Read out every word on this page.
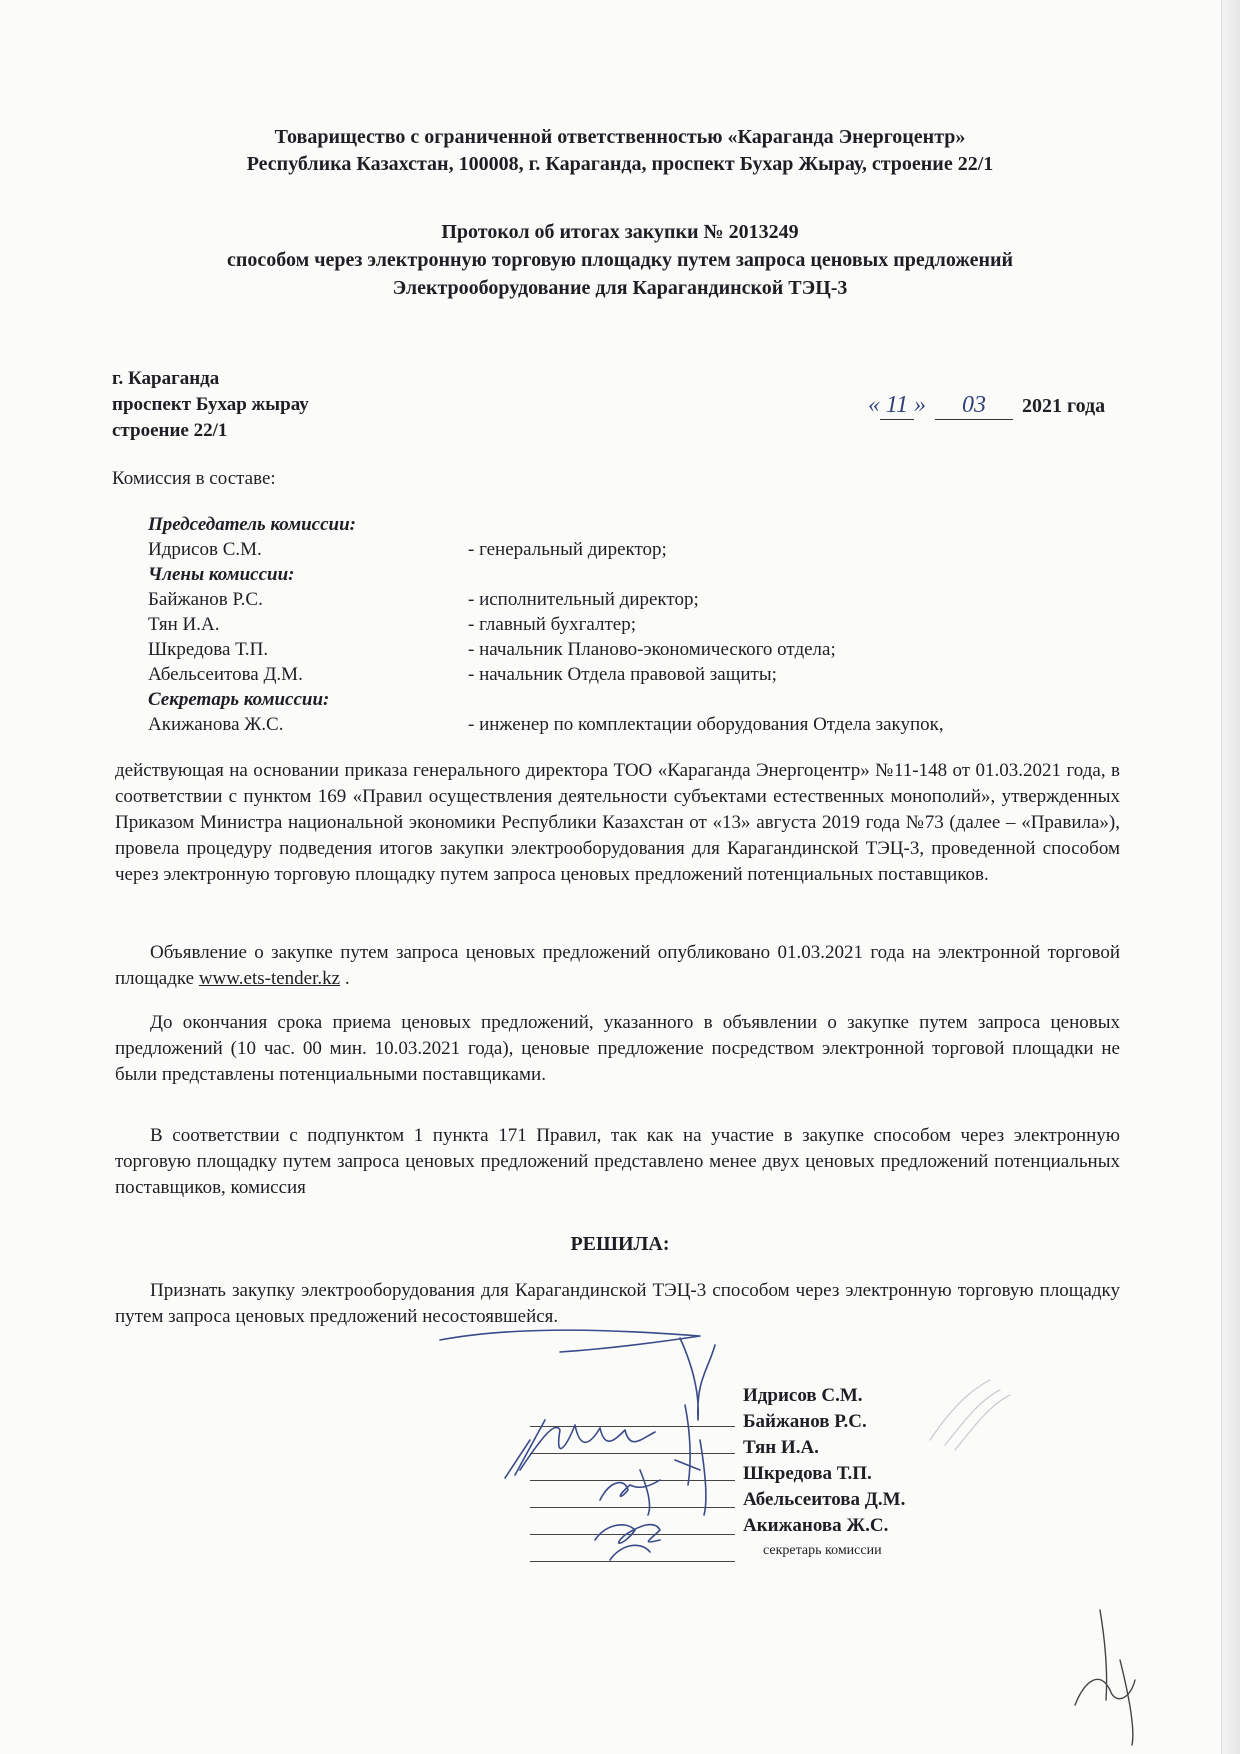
Товарищество с ограниченной ответственностью «Караганда Энергоцентр»
Республика Казахстан, 100008, г. Караганда, проспект Бухар Жырау, строение 22/1
Протокол об итогах закупки № 2013249
способом через электронную торговую площадку путем запроса ценовых предложений
Электрооборудование для Карагандинской ТЭЦ-3
г. Караганда
проспект Бухар жырау
строение 22/1
« 11 » 03 2021 года
Комиссия в составе:
Председатель комиссии:
Идрисов С.М.	- генеральный директор;
Члены комиссии:
Байжанов Р.С.	- исполнительный директор;
Тян И.А.	- главный бухгалтер;
Шкредова Т.П.	- начальник Планово-экономического отдела;
Абельсеитова Д.М.	- начальник Отдела правовой защиты;
Секретарь комиссии:
Акижанова Ж.С.	- инженер по комплектации оборудования Отдела закупок,
действующая на основании приказа генерального директора ТОО «Караганда Энергоцентр» №11-148 от 01.03.2021 года, в соответствии с пунктом 169 «Правил осуществления деятельности субъектами естественных монополий», утвержденных Приказом Министра национальной экономики Республики Казахстан от «13» августа 2019 года №73 (далее – «Правила»), провела процедуру подведения итогов закупки электрооборудования для Карагандинской ТЭЦ-3, проведенной способом через электронную торговую площадку путем запроса ценовых предложений потенциальных поставщиков.
Объявление о закупке путем запроса ценовых предложений опубликовано 01.03.2021 года на электронной торговой площадке www.ets-tender.kz .
До окончания срока приема ценовых предложений, указанного в объявлении о закупке путем запроса ценовых предложений (10 час. 00 мин. 10.03.2021 года), ценовые предложение посредством электронной торговой площадки не были представлены потенциальными поставщиками.
В соответствии с подпунктом 1 пункта 171 Правил, так как на участие в закупке способом через электронную торговую площадку путем запроса ценовых предложений представлено менее двух ценовых предложений потенциальных поставщиков, комиссия
РЕШИЛА:
Признать закупку электрооборудования для Карагандинской ТЭЦ-3 способом через электронную торговую площадку путем запроса ценовых предложений несостоявшейся.
Идрисов С.М.
Байжанов Р.С.
Тян И.А.
Шкредова Т.П.
Абельсеитова Д.М.
Акижанова Ж.С.
секретарь комиссии
